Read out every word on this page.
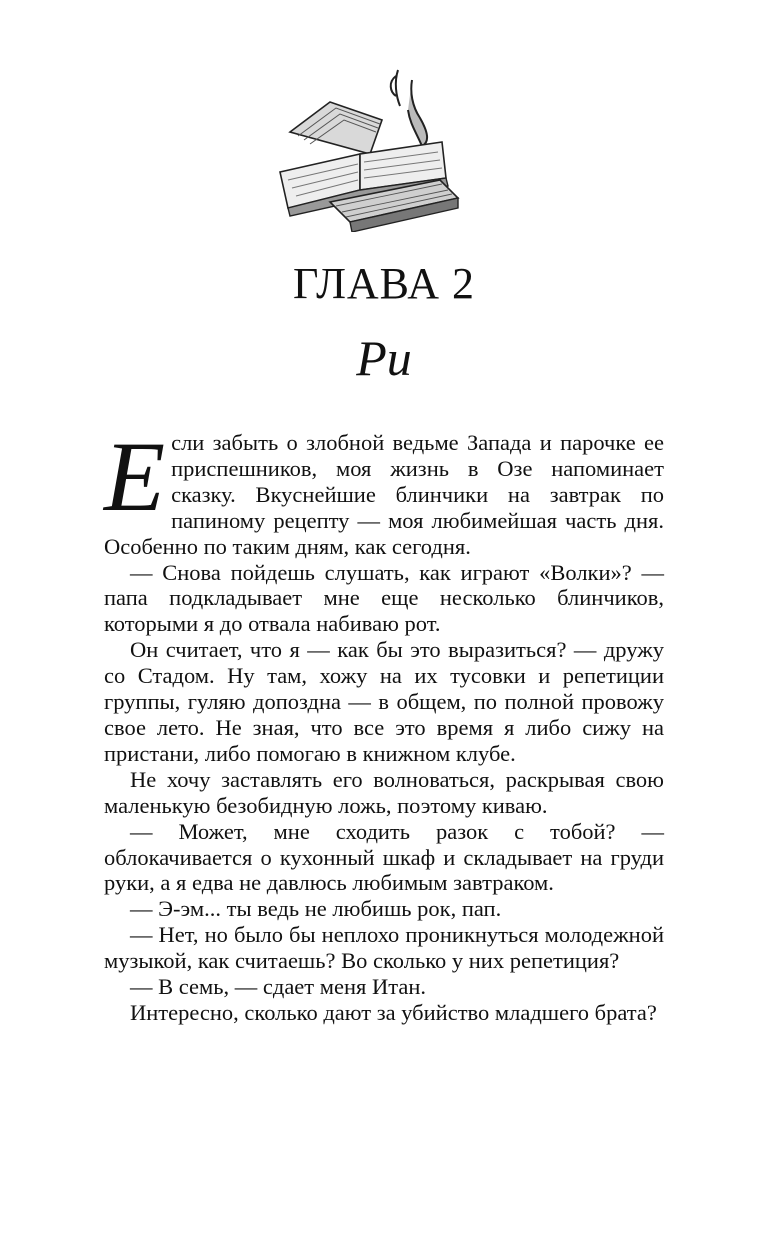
ГЛАВА 2
Ри

Если забыть о злобной ведьме Запада и парочке ее приспешников, моя жизнь в Озе напоминает сказку. Вкуснейшие блинчики на завтрак по папиному рецепту — моя любимейшая часть дня. Особенно по таким дням, как сегодня.

— Снова пойдешь слушать, как играют «Волки»? — папа подкладывает мне еще несколько блинчиков, которыми я до отвала набиваю рот.

Он считает, что я — как бы это выразиться? — дружу со Стадом. Ну там, хожу на их тусовки и репетиции группы, гуляю допоздна — в общем, по полной провожу свое лето. Не зная, что все это время я либо сижу на пристани, либо помогаю в книжном клубе.

Не хочу заставлять его волноваться, раскрывая свою маленькую безобидную ложь, поэтому киваю.

— Может, мне сходить разок с тобой? — облокачивается о кухонный шкаф и складывает на груди руки, а я едва не давлюсь любимым завтраком.

— Э-эм... ты ведь не любишь рок, пап.

— Нет, но было бы неплохо проникнуться молодежной музыкой, как считаешь? Во сколько у них репетиция?

— В семь, — сдает меня Итан.

Интересно, сколько дают за убийство младшего брата?
